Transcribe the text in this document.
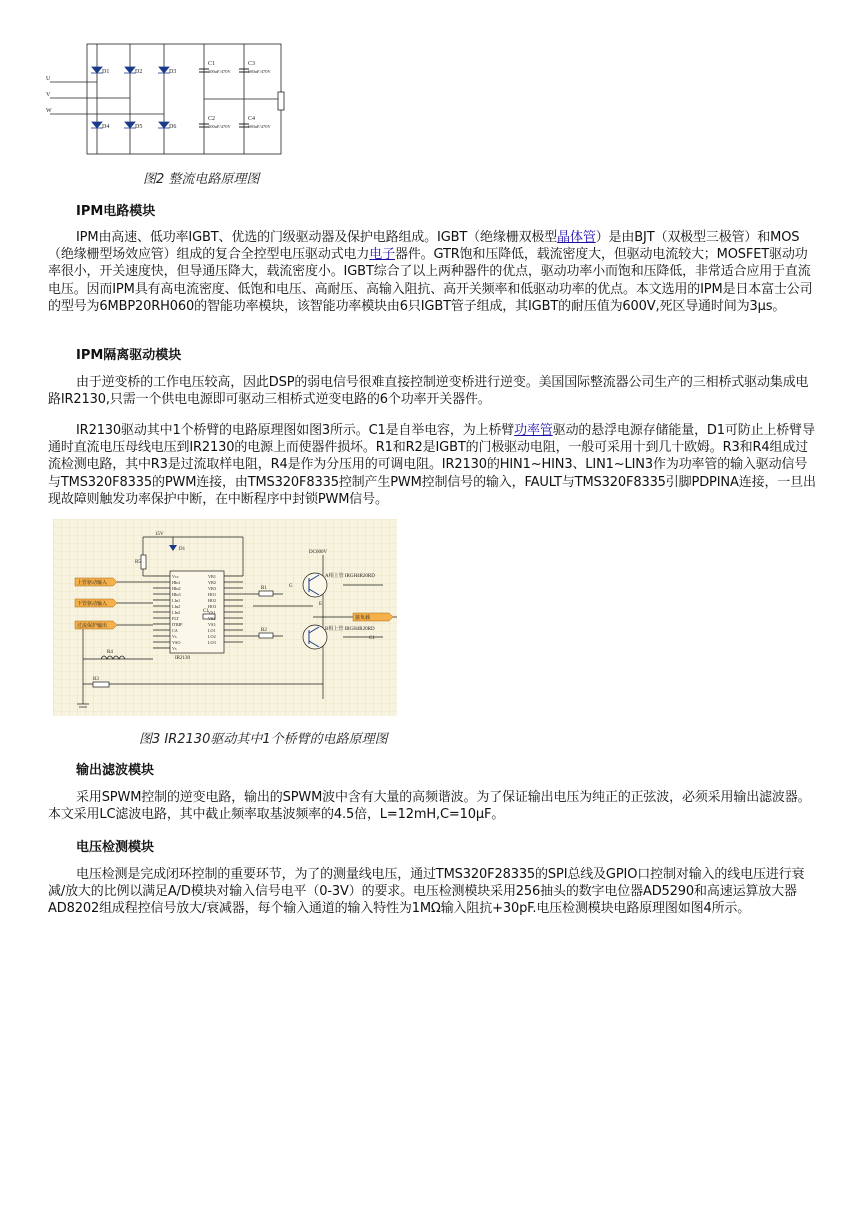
U
V
W
D1	D2	D3
D4	D5	D6
C1
100uF/470V
C3
680uF/470V
C2
100uF/470V
C4
680uF/470V
图2 整流电路原理图
IPM电路模块

IPM由高速、低功率IGBT、优选的门级驱动器及保护电路组成。IGBT（绝缘栅双极型晶体管）是由BJT（双极型三极管）和MOS（绝缘栅型场效应管）组成的复合全控型电压驱动式电力电子器件。GTR饱和压降低，载流密度大，但驱动电流较大；MOSFET驱动功率很小，开关速度快，但导通压降大，载流密度小。IGBT综合了以上两种器件的优点，驱动功率小而饱和压降低，非常适合应用于直流电压。因而IPM具有高电流密度、低饱和电压、高耐压、高输入阻抗、高开关频率和低驱动功率的优点。本文选用的IPM是日本富士公司的型号为6MBP20RH060的智能功率模块，该智能功率模块由6只IGBT管子组成，其IGBT的耐压值为600V,死区导通时间为3μs。

IPM隔离驱动模块

由于逆变桥的工作电压较高，因此DSP的弱电信号很难直接控制逆变桥进行逆变。美国国际整流器公司生产的三相桥式驱动集成电路IR2130,只需一个供电电源即可驱动三相桥式逆变电路的6个功率开关器件。

IR2130驱动其中1个桥臂的电路原理图如图3所示。C1是自举电容，为上桥臂功率管驱动的悬浮电源存储能量，D1可防止上桥臂导通时直流电压母线电压到IR2130的电源上而使器件损坏。R1和R2是IGBT的门极驱动电阻，一般可采用十到几十欧姆。R3和R4组成过流检测电路，其中R3是过流取样电阻，R4是作为分压用的可调电阻。IR2130的HIN1~HIN3、LIN1~LIN3作为功率管的输入驱动信号与TMS320F8335的PWM连接，由TMS320F8335控制产生PWM控制信号的输入，FAULT与TMS320F8335引脚PDPINA连接，一旦出现故障则触发功率保护中断，在中断程序中封锁PWM信号。

上管驱动输入
下管驱动输入
过流保护输出
接负载
IR2130
15V
DC600V
A相上管 IRGH4R20RD
B相上管 IRGH4R20RD
D1
R1
R2
R3
R4
C1
R5
G
E
C1
Vcc
HIn1
HIn2
HIn3
LIn1
LIn2
LIn3
FLT
ITRIP
CA
Vs
VSO
Vs
VB1
VB2
VB3
HO1
HO2
HO3
VS1
VS2
VS3
LO1
LO2
LO3
图3 IR2130驱动其中1个桥臂的电路原理图
输出滤波模块

采用SPWM控制的逆变电路，输出的SPWM波中含有大量的高频谐波。为了保证输出电压为纯正的正弦波，必须采用输出滤波器。本文采用LC滤波电路，其中截止频率取基波频率的4.5倍，L=12mH,C=10μF。

电压检测模块

电压检测是完成闭环控制的重要环节，为了的测量线电压，通过TMS320F28335的SPI总线及GPIO口控制对输入的线电压进行衰减/放大的比例以满足A/D模块对输入信号电平（0-3V）的要求。电压检测模块采用256抽头的数字电位器AD5290和高速运算放大器AD8202组成程控信号放大/衰减器，每个输入通道的输入特性为1MΩ输入阻抗+30pF.电压检测模块电路原理图如图4所示。
